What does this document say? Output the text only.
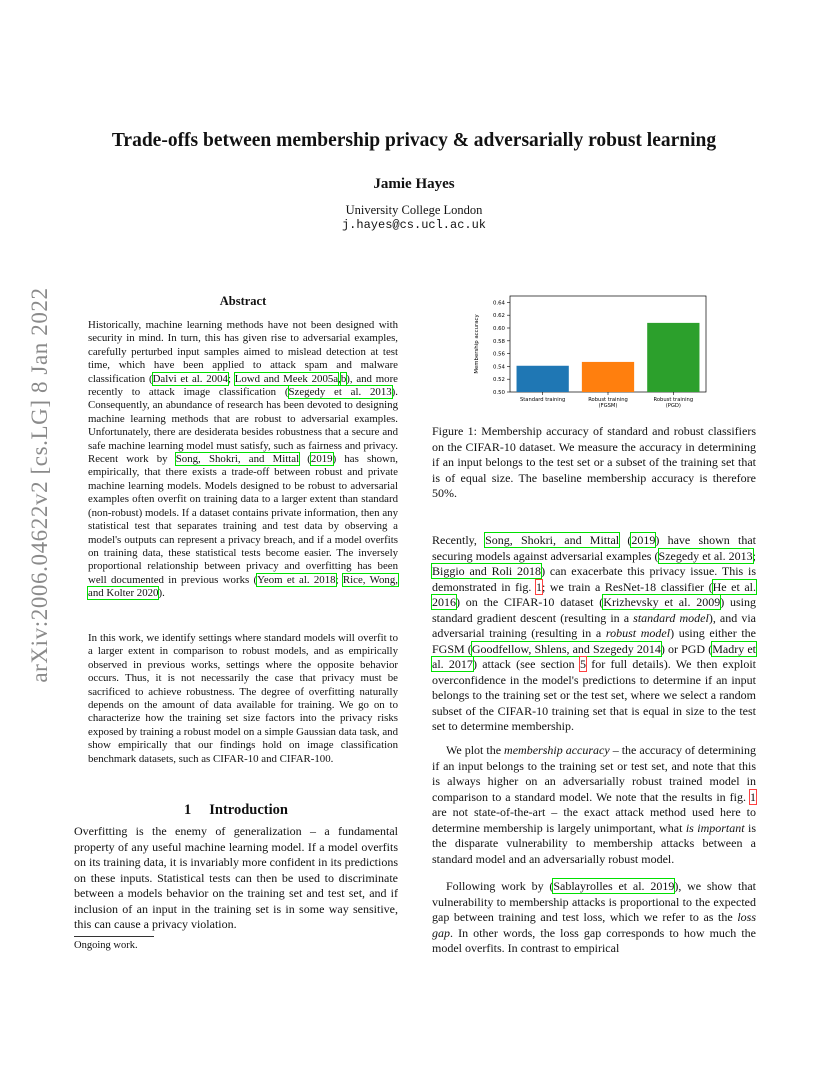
Trade-offs between membership privacy & adversarially robust learning
Jamie Hayes
University College London
j.hayes@cs.ucl.ac.uk
arXiv:2006.04622v2 [cs.LG] 8 Jan 2022	Abstract

Historically, machine learning methods have not been designed with security in mind. In turn, this has given rise to adversarial examples, carefully perturbed input samples aimed to mislead detection at test time, which have been applied to attack spam and malware classification (Dalvi et al. 2004; Lowd and Meek 2005a,b), and more recently to attack image classification (Szegedy et al. 2013). Consequently, an abundance of research has been devoted to designing machine learning methods that are robust to adversarial examples. Unfortunately, there are desiderata besides robustness that a secure and safe machine learning model must satisfy, such as fairness and privacy. Recent work by Song, Shokri, and Mittal (2019) has shown, empirically, that there exists a trade-off between robust and private machine learning models. Models designed to be robust to adversarial examples often overfit on training data to a larger extent than standard (non-robust) models. If a dataset contains private information, then any statistical test that separates training and test data by observing a model's outputs can represent a privacy breach, and if a model overfits on training data, these statistical tests become easier. The inversely proportional relationship between privacy and overfitting has been well documented in previous works (Yeom et al. 2018; Rice, Wong, and Kolter 2020).

In this work, we identify settings where standard models will overfit to a larger extent in comparison to robust models, and as empirically observed in previous works, settings where the opposite behavior occurs. Thus, it is not necessarily the case that privacy must be sacrificed to achieve robustness. The degree of overfitting naturally depends on the amount of data available for training. We go on to characterize how the training set size factors into the privacy risks exposed by training a robust model on a simple Gaussian data task, and show empirically that our findings hold on image classification benchmark datasets, such as CIFAR-10 and CIFAR-100.

1 Introduction

Overfitting is the enemy of generalization – a fundamental property of any useful machine learning model. If a model overfits on its training data, it is invariably more confident in its predictions on these inputs. Statistical tests can then be used to discriminate between a models behavior on the training set and test set, and if inclusion of an input in the training set is in some way sensitive, this can cause a privacy violation.

Ongoing work.
0.50
0.52
0.54
0.56
0.58
0.60
0.62
0.64
Membership accuracy
Standard training	Robust training
(FGSM)
Robust training
(PGD)

Figure 1: Membership accuracy of standard and robust classifiers on the CIFAR-10 dataset. We measure the accuracy in determining if an input belongs to the test set or a subset of the training set that is of equal size. The baseline membership accuracy is therefore 50%.

Recently, Song, Shokri, and Mittal (2019) have shown that securing models against adversarial examples (Szegedy et al. 2013; Biggio and Roli 2018) can exacerbate this privacy issue. This is demonstrated in fig. 1; we train a ResNet-18 classifier (He et al. 2016) on the CIFAR-10 dataset (Krizhevsky et al. 2009) using standard gradient descent (resulting in a standard model), and via adversarial training (resulting in a robust model) using either the FGSM (Goodfellow, Shlens, and Szegedy 2014) or PGD (Madry et al. 2017) attack (see section 5 for full details). We then exploit overconfidence in the model's predictions to determine if an input belongs to the training set or the test set, where we select a random subset of the CIFAR-10 training set that is equal in size to the test set to determine membership.

We plot the membership accuracy – the accuracy of determining if an input belongs to the training set or test set, and note that this is always higher on an adversarially robust trained model in comparison to a standard model. We note that the results in fig. 1 are not state-of-the-art – the exact attack method used here to determine membership is largely unimportant, what is important is the disparate vulnerability to membership attacks between a standard model and an adversarially robust model.

Following work by (Sablayrolles et al. 2019), we show that vulnerability to membership attacks is proportional to the expected gap between training and test loss, which we refer to as the loss gap. In other words, the loss gap corresponds to how much the model overfits. In contrast to empirical
